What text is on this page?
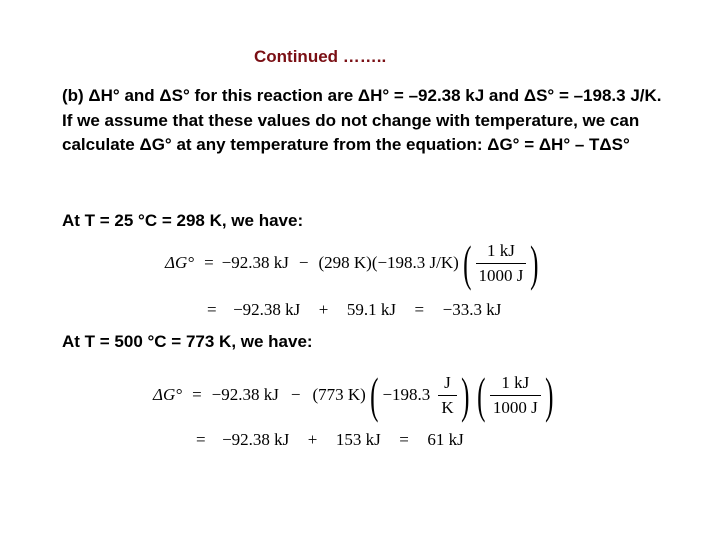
Continued ……..

(b) ΔH° and ΔS° for this reaction are ΔH° = –92.38 kJ and ΔS° = –198.3 J/K. If we assume that these values do not change with temperature, we can calculate ΔG° at any temperature from the equation: ΔG° = ΔH° – TΔS°

At T = 25 °C = 298 K, we have:
ΔG° = −92.38 kJ − (298 K) (−198.3 J/K) ( $\frac{1 kJ}{1000 J}$ )
= −92.38 kJ + 59.1 kJ = −33.3 kJ
At T = 500 °C = 773 K, we have:
ΔG° = −92.38 kJ − (773 K) ( $-198.3 \frac{J}{K}$ ) ( $\frac{1 kJ}{1000 J}$ )
= −92.38 kJ + 153 kJ = 61 kJ
